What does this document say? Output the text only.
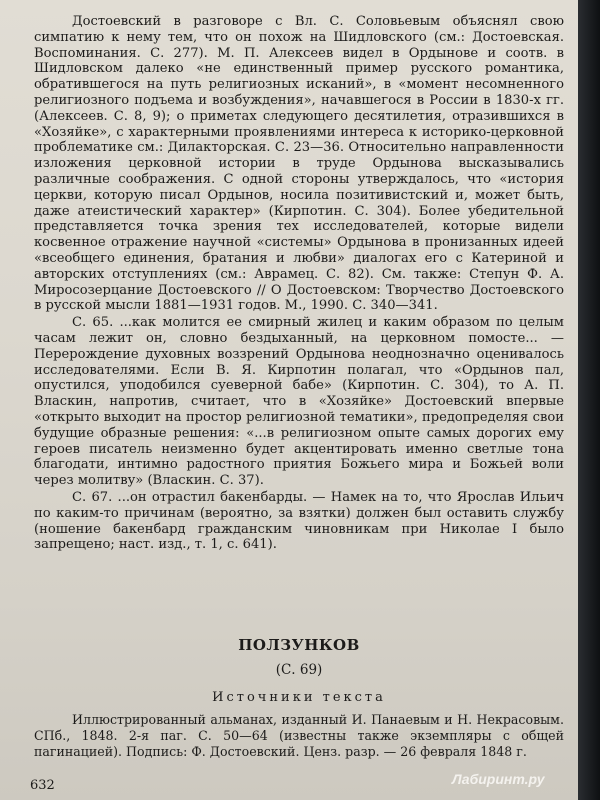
Достоевский в разговоре с Вл. С. Соловьевым объяснял свою симпатию к нему тем, что он похож на Шидловского (см.: Достоевская. Воспоминания. С. 277). М. П. Алексеев видел в Ордынове и соотв. в Шидловском далеко «не единственный пример русского романтика, обратившегося на путь религиозных исканий», в «момент несомненного религиозного подъема и возбуждения», начавшегося в России в 1830-х гг. (Алексеев. С. 8, 9); о приметах следующего десятилетия, отразившихся в «Хозяйке», с характерными проявлениями интереса к историко-церковной проблематике см.: Дилакторская. С. 23—36. Относительно направленности изложения церковной истории в труде Ордынова высказывались различные соображения. С одной стороны утверждалось, что «история церкви, которую писал Ордынов, носила позитивистский и, может быть, даже атеистический характер» (Кирпотин. С. 304). Более убедительной представляется точка зрения тех исследователей, которые видели косвенное отражение научной «системы» Ордынова в пронизанных идеей «всеобщего единения, братания и любви» диалогах его с Катериной и авторских отступлениях (см.: Аврамец. С. 82). См. также: Степун Ф. А. Миросозерцание Достоевского // О Достоевском: Творчество Достоевского в русской мысли 1881—1931 годов. М., 1990. С. 340—341.

С. 65. ...как молится ее смирный жилец и каким образом по целым часам лежит он, словно бездыханный, на церковном помосте... — Перерождение духовных воззрений Ордынова неоднозначно оценивалось исследователями. Если В. Я. Кирпотин полагал, что «Ордынов пал, опустился, уподобился суеверной бабе» (Кирпотин. С. 304), то А. П. Власкин, напротив, считает, что в «Хозяйке» Достоевский впервые «открыто выходит на простор религиозной тематики», предопределяя свои будущие образные решения: «...в религиозном опыте самых дорогих ему героев писатель неизменно будет акцентировать именно светлые тона благодати, интимно радостного приятия Божьего мира и Божьей воли через молитву» (Власкин. С. 37).

С. 67. ...он отрастил бакенбарды. — Намек на то, что Ярослав Ильич по каким-то причинам (вероятно, за взятки) должен был оставить службу (ношение бакенбард гражданским чиновникам при Николае I было запрещено; наст. изд., т. 1, с. 641).

ПОЛЗУНКОВ
(С. 69)
Источники текста

Иллюстрированный альманах, изданный И. Панаевым и Н. Некрасовым. СПб., 1848. 2-я паг. С. 50—64 (известны также экземпляры с общей пагинацией). Подпись: Ф. Достоевский. Ценз. разр. — 26 февраля 1848 г.

632	Лабиринт.ру
